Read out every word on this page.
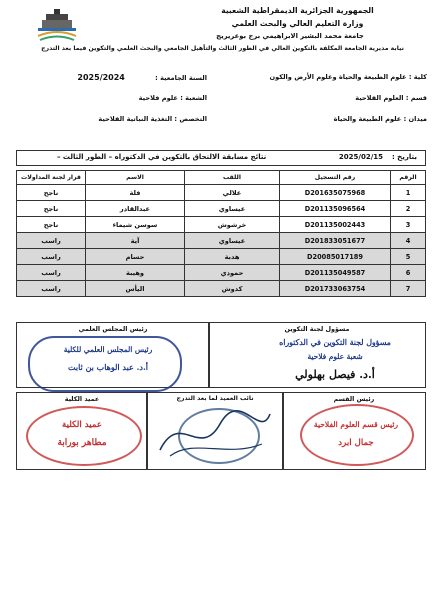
الجمهورية الجزائرية الديمقراطية الشعبية
وزارة التعليم العالي والبحث العلمي
جامعة محمد البشير الابراهيمي برج بوعريريج
نيابة مديرية الجامعة المكلفة بالتكوين العالي في الطور الثالث والتأهيل الجامعي والبحث العلمي والتكوين فيما بعد التدرج
كلية : علوم الطبيعة والحياة وعلوم الأرض والكون
قسم : العلوم الفلاحية
ميدان : علوم الطبيعة والحياة
السنة الجامعية : 2025/2024
الشعبة : علوم فلاحية
التخصص : التغذية النباتية الفلاحية
بتاريخ :
2025/02/15
نتائج مسابقة الالتحاق بالتكوين في الدكتوراه – الطور الثالث –
الرقم	رقم التسجيل	اللقب	الاسم	قرار لجنة المداولات
1	D201635075968	علالي	فلة	ناجح
2	D201135096564	عيساوي	عبدالقادر	ناجح
3	D201135002443	خرشوش	سوسن شيماء	ناجح
4	D201833051677	عيساوي	آية	راسب
5	D20085017189	هدبة	حسام	راسب
6	D201135049587	حمودي	وهيبة	راسب
7	D201733063754	كدوش	اليأس	راسب
رئيس المجلس العلمي	مسؤول لجنة التكوين
رئيس المجلس العلمي للكلية
أ.د. عبد الوهاب بن ثابت
مسؤول لجنة التكوين في الدكتوراه
شعبة علوم فلاحية
أ.د. فيصل بهلولي
عميد الكلية	نائب العميد لما بعد التدرج	رئيس القسم
عميد الكلية
مطاهر بورابة
رئيس قسم العلوم الفلاحية
جمال ابرد
